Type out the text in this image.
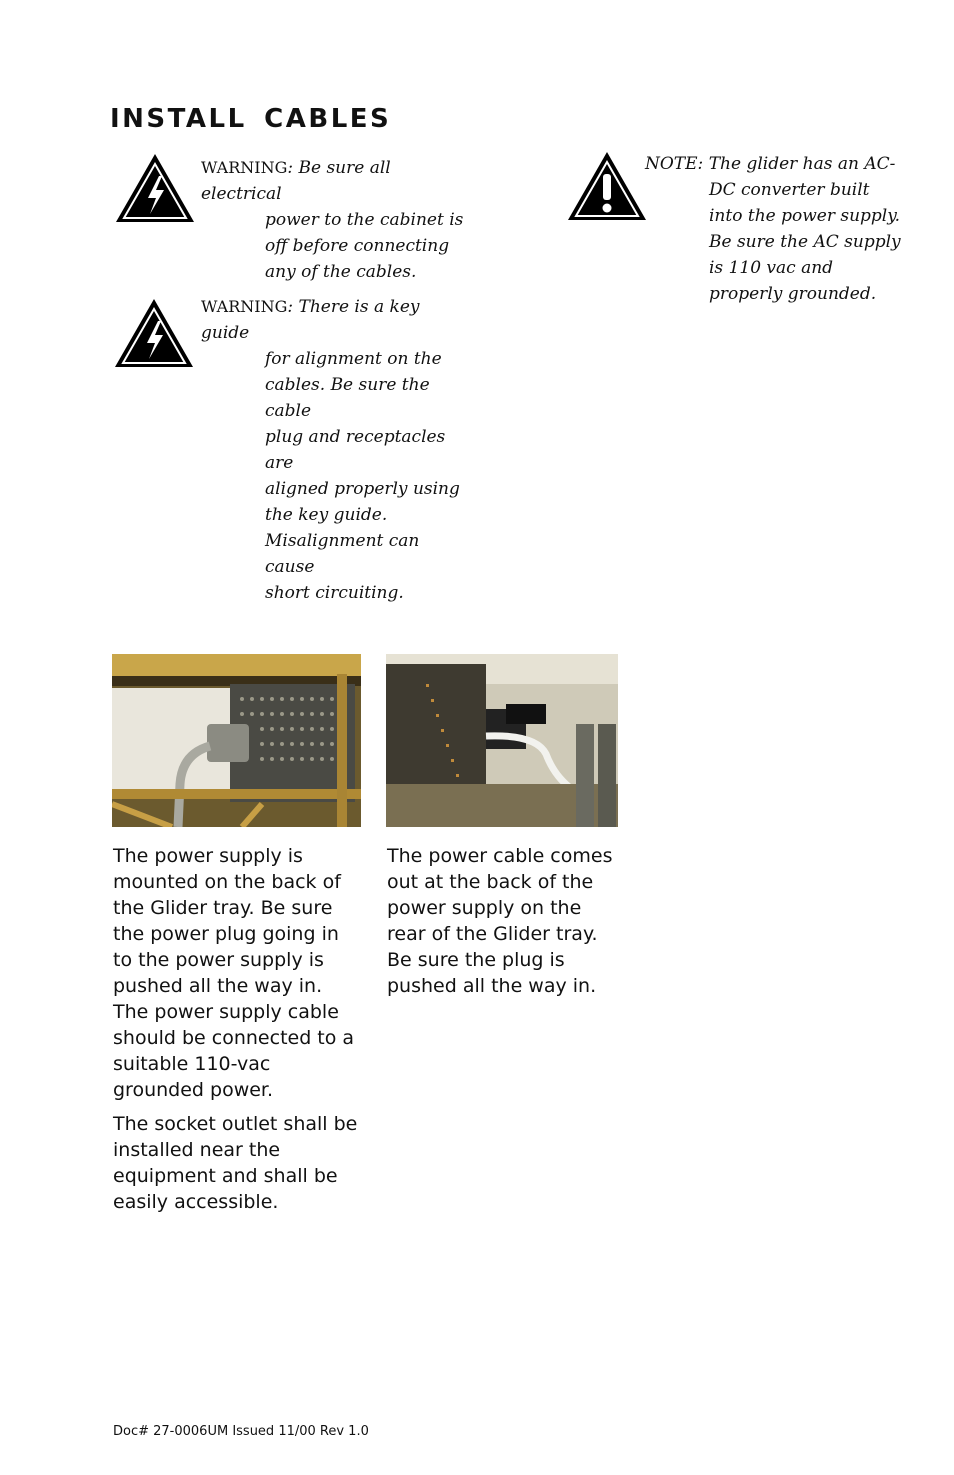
INSTALL CABLES
WARNING: Be sure all electrical
power to the cabinet is
off before connecting
any of the cables.
WARNING: There is a key guide
for alignment on the
cables. Be sure the cable
plug and receptacles are
aligned properly using
the key guide.
Misalignment can cause
short circuiting.
NOTE: The glider has an AC-
DC converter built
into the power supply.
Be sure the AC supply
is 110 vac and
properly grounded.

The power supply is mounted on the back of the Glider tray. Be sure the power plug going in to the power supply is pushed all the way in. The power supply cable should be connected to a suitable 110-vac grounded power.

The socket outlet shall be installed near the equipment and shall be easily accessible.

The power cable comes out at the back of the power supply on the rear of the Glider tray. Be sure the plug is pushed all the way in.

Doc# 27-0006UM Issued 11/00 Rev 1.0
